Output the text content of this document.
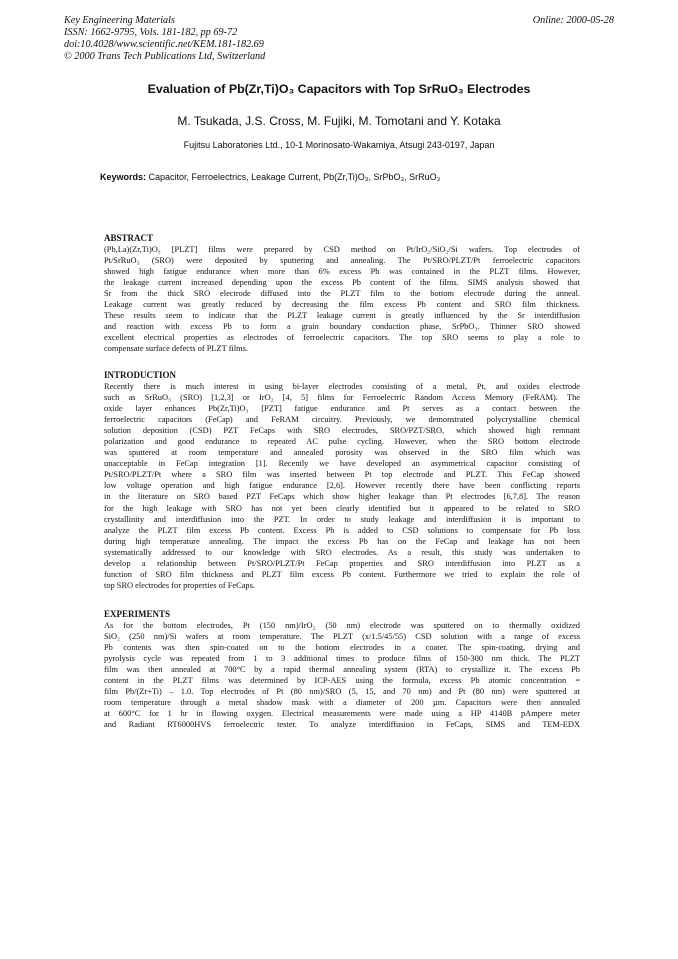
Key Engineering Materials
ISSN: 1662-9795, Vols. 181-182, pp 69-72
doi:10.4028/www.scientific.net/KEM.181-182.69
© 2000 Trans Tech Publications Ltd, Switzerland
Online: 2000-05-28
Evaluation of Pb(Zr,Ti)O₃ Capacitors with Top SrRuO₃ Electrodes
M. Tsukada, J.S. Cross, M. Fujiki, M. Tomotani and Y. Kotaka
Fujitsu Laboratories Ltd., 10-1 Morinosato-Wakamiya, Atsugi 243-0197, Japan
Keywords: Capacitor, Ferroelectrics, Leakage Current, Pb(Zr,Ti)O₃, SrPbO₃, SrRuO₃
ABSTRACT
(Pb,La)(Zr,Ti)O₃ [PLZT] films were prepared by CSD method on Pt/IrO₂/SiO₂/Si wafers. Top electrodes of
Pt/SrRuO₃ (SRO) were deposited by sputtering and annealing. The Pt/SRO/PLZT/Pt ferroelectric capacitors
showed high fatigue endurance when more than 6% excess Pb was contained in the PLZT films. However,
the leakage current increased depending upon the excess Pb content of the films. SIMS analysis showed that
Sr from the thick SRO electrode diffused into the PLZT film to the bottom electrode during the anneal.
Leakage current was greatly reduced by decreasing the film excess Pb content and SRO film thickness.
These results seem to indicate that the PLZT leakage current is greatly influenced by the Sr interdiffusion
and reaction with excess Pb to form a grain boundary conduction phase, SrPbO₃. Thinner SRO showed
excellent electrical properties as electrodes of ferroelectric capacitors. The top SRO seems to play a role to
compensate surface defects of PLZT films.
INTRODUCTION
Recently there is much interest in using bi-layer electrodes consisting of a metal, Pt, and oxides electrode
such as SrRuO₃ (SRO) [1,2,3] or IrO₂ [4, 5] films for Ferroelectric Random Access Memory (FeRAM). The
oxide layer enhances Pb(Zr,Ti)O₃ [PZT] fatigue endurance and Pt serves as a contact between the
ferroelectric capacitors (FeCap) and FeRAM circuitry. Previously, we demonstrated polycrystalline chemical
solution deposition (CSD) PZT FeCaps with SRO electrodes, SRO/PZT/SRO, which showed high remnant
polarization and good endurance to repeated AC pulse cycling. However, when the SRO bottom electrode
was sputtered at room temperature and annealed porosity was observed in the SRO film which was
unacceptable in FeCap integration [1]. Recently we have developed an asymmetrical capacitor consisting of
Pt/SRO/PLZT/Pt where a SRO film was inserted between Pt top electrode and PLZT. This FeCap showed
low voltage operation and high fatigue endurance [2,6]. However recently there have been conflicting reports
in the literature on SRO based PZT FeCaps which show higher leakage than Pt electrodes [6,7,8]. The reason
for the high leakage with SRO has not yet been clearly identified but it appeared to be related to SRO
crystallinity and interdiffusion into the PZT. In order to study leakage and interdiffusion it is important to
analyze the PLZT film excess Pb content. Excess Pb is added to CSD solutions to compensate for Pb loss
during high temperature annealing. The impact the excess Pb has on the FeCap and leakage has not been
systematically addressed to our knowledge with SRO electrodes. As a result, this study was undertaken to
develop a relationship between Pt/SRO/PLZT/Pt FeCap properties and SRO interdiffusion into PLZT as a
function of SRO film thickness and PLZT film excess Pb content. Furthermore we tried to explain the role of
top SRO electrodes for properties of FeCaps.
EXPERIMENTS
As for the bottom electrodes, Pt (150 nm)/IrO₂ (50 nm) electrode was sputtered on to thermally oxidized
SiO₂ (250 nm)/Si wafers at room temperature. The PLZT (x/1.5/45/55) CSD solution with a range of excess
Pb contents was then spin-coated on to the bottom electrodes in a coater. The spin-coating, drying and
pyrolysis cycle was repeated from 1 to 3 additional times to produce films of 150-300 nm thick. The PLZT
film was then annealed at 700°C by a rapid thermal annealing system (RTA) to crystallize it. The excess Pb
content in the PLZT films was determined by ICP-AES using the formula, excess Pb atomic concentration =
film Pb/(Zr+Ti) – 1.0. Top electrodes of Pt (80 nm)/SRO (5, 15, and 70 nm) and Pt (80 nm) were sputtered at
room temperature through a metal shadow mask with a diameter of 200 µm. Capacitors were then annealed
at 600°C for 1 hr in flowing oxygen. Electrical measurements were made using a HP 4140B pAmpere meter
and Radiant RT6000HVS ferroelectric tester. To analyze interdiffusion in FeCaps, SIMS and TEM-EDX
